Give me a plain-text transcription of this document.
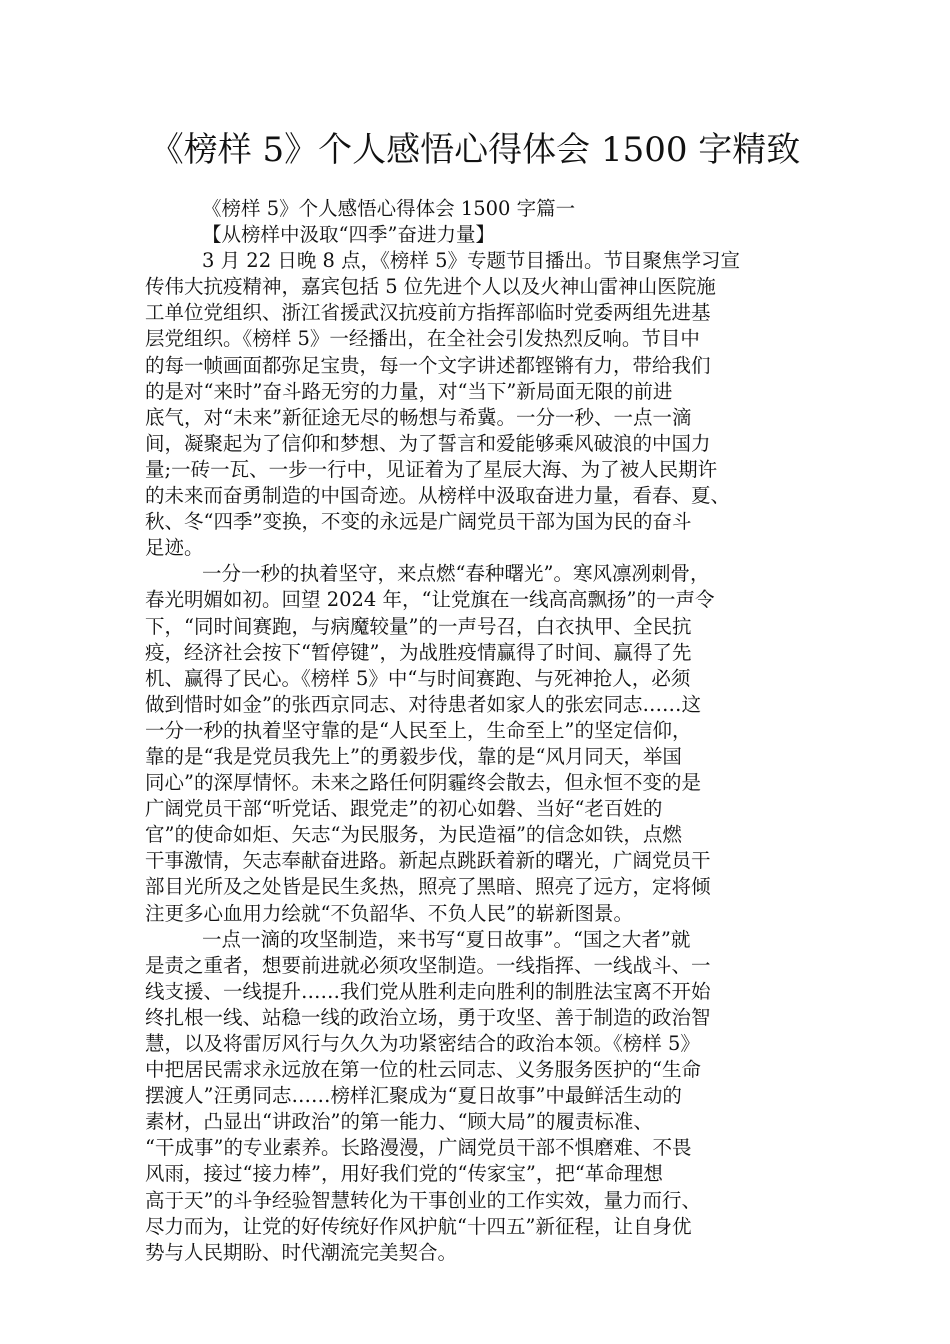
《榜样 5》个人感悟心得体会 1500 字精致
《榜样 5》个人感悟心得体会 1500 字篇一
【从榜样中汲取“四季”奋进力量】
3 月 22 日晚 8 点，《榜样 5》专题节目播出。节目聚焦学习宣
传伟大抗疫精神，嘉宾包括 5 位先进个人以及火神山雷神山医院施
工单位党组织、浙江省援武汉抗疫前方指挥部临时党委两组先进基
层党组织。《榜样 5》一经播出，在全社会引发热烈反响。节目中
的每一帧画面都弥足宝贵，每一个文字讲述都铿锵有力，带给我们
的是对“来时”奋斗路无穷的力量，对“当下”新局面无限的前进
底气，对“未来”新征途无尽的畅想与希冀。一分一秒、一点一滴
间，凝聚起为了信仰和梦想、为了誓言和爱能够乘风破浪的中国力
量;一砖一瓦、一步一行中，见证着为了星辰大海、为了被人民期许
的未来而奋勇制造的中国奇迹。从榜样中汲取奋进力量，看春、夏、
秋、冬“四季”变换，不变的永远是广阔党员干部为国为民的奋斗
足迹。
一分一秒的执着坚守，来点燃“春种曙光”。寒风凛冽刺骨，
春光明媚如初。回望 2024 年，“让党旗在一线高高飘扬”的一声令
下，“同时间赛跑，与病魔较量”的一声号召，白衣执甲、全民抗
疫，经济社会按下“暂停键”，为战胜疫情赢得了时间、赢得了先
机、赢得了民心。《榜样 5》中“与时间赛跑、与死神抢人，必须
做到惜时如金”的张西京同志、对待患者如家人的张宏同志……这
一分一秒的执着坚守靠的是“人民至上，生命至上”的坚定信仰，
靠的是“我是党员我先上”的勇毅步伐，靠的是“风月同天，举国
同心”的深厚情怀。未来之路任何阴霾终会散去，但永恒不变的是
广阔党员干部“听党话、跟党走”的初心如磐、当好“老百姓的
官”的使命如炬、矢志“为民服务，为民造福”的信念如铁，点燃
干事激情，矢志奉献奋进路。新起点跳跃着新的曙光，广阔党员干
部目光所及之处皆是民生炙热，照亮了黑暗、照亮了远方，定将倾
注更多心血用力绘就“不负韶华、不负人民”的崭新图景。
一点一滴的攻坚制造，来书写“夏日故事”。“国之大者”就
是责之重者，想要前进就必须攻坚制造。一线指挥、一线战斗、一
线支援、一线提升……我们党从胜利走向胜利的制胜法宝离不开始
终扎根一线、站稳一线的政治立场，勇于攻坚、善于制造的政治智
慧，以及将雷厉风行与久久为功紧密结合的政治本领。《榜样 5》
中把居民需求永远放在第一位的杜云同志、义务服务医护的“生命
摆渡人”汪勇同志……榜样汇聚成为“夏日故事”中最鲜活生动的
素材，凸显出“讲政治”的第一能力、“顾大局”的履责标准、
“干成事”的专业素养。长路漫漫，广阔党员干部不惧磨难、不畏
风雨，接过“接力棒”，用好我们党的“传家宝”，把“革命理想
高于天”的斗争经验智慧转化为干事创业的工作实效，量力而行、
尽力而为，让党的好传统好作风护航“十四五”新征程，让自身优
势与人民期盼、时代潮流完美契合。
